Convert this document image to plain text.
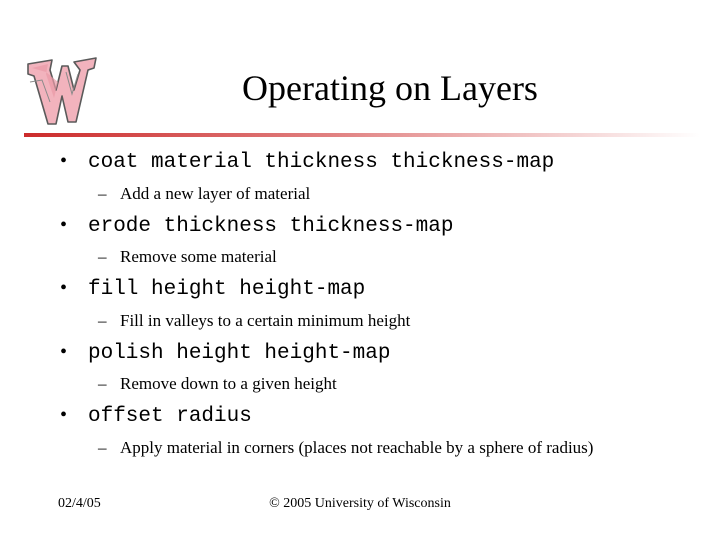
Operating on Layers
• coat material thickness thickness-map
– Add a new layer of material
• erode thickness thickness-map
– Remove some material
• fill height height-map
– Fill in valleys to a certain minimum height
• polish height height-map
– Remove down to a given height
• offset radius
– Apply material in corners (places not reachable by a sphere of radius)
02/4/05	© 2005 University of Wisconsin
